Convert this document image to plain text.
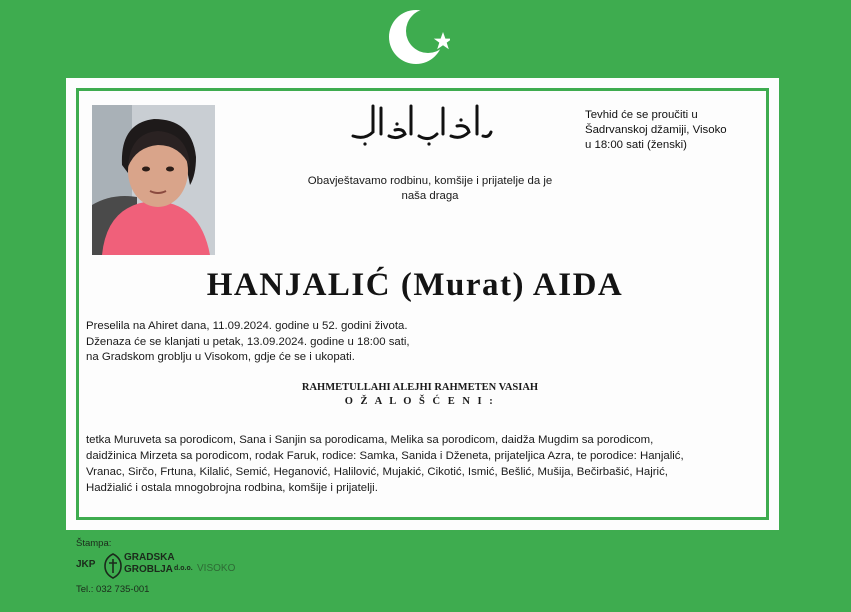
Tevhid će se proučiti u
Šadrvanskoj džamiji, Visoko
u 18:00 sati (ženski)
Obavještavamo rodbinu, komšije i prijatelje da je
naša draga
HANJALIĆ (Murat) AIDA
Preselila na Ahiret dana, 11.09.2024. godine u 52. godini života.
Dženaza će se klanjati u petak, 13.09.2024. godine u 18:00 sati,
na Gradskom groblju u Visokom, gdje će se i ukopati.
RAHMETULLAHI ALEJHI RAHMETEN VASIAH
O Ž A L O Š Ć E N I :
tetka Muruveta sa porodicom, Sana i Sanjin sa porodicama, Melika sa porodicom, daidža Mugdim sa porodicom,
daidžinica Mirzeta sa porodicom, rodak Faruk, rodice: Samka, Sanida i Dženeta, prijateljica Azra, te porodice: Hanjalić,
Vranac, Sirčo, Frtuna, Kilalić, Semić, Heganović, Halilović, Mujakić, Cikotić, Ismić, Bešlić, Mušija, Bečirbašić, Hajrić,
Hadžialić i ostala mnogobrojna rodbina, komšije i prijatelji.
Štampa:
JKP
GRADSKA
GROBLJA d.o.o. VISOKO
Tel.: 032 735-001
